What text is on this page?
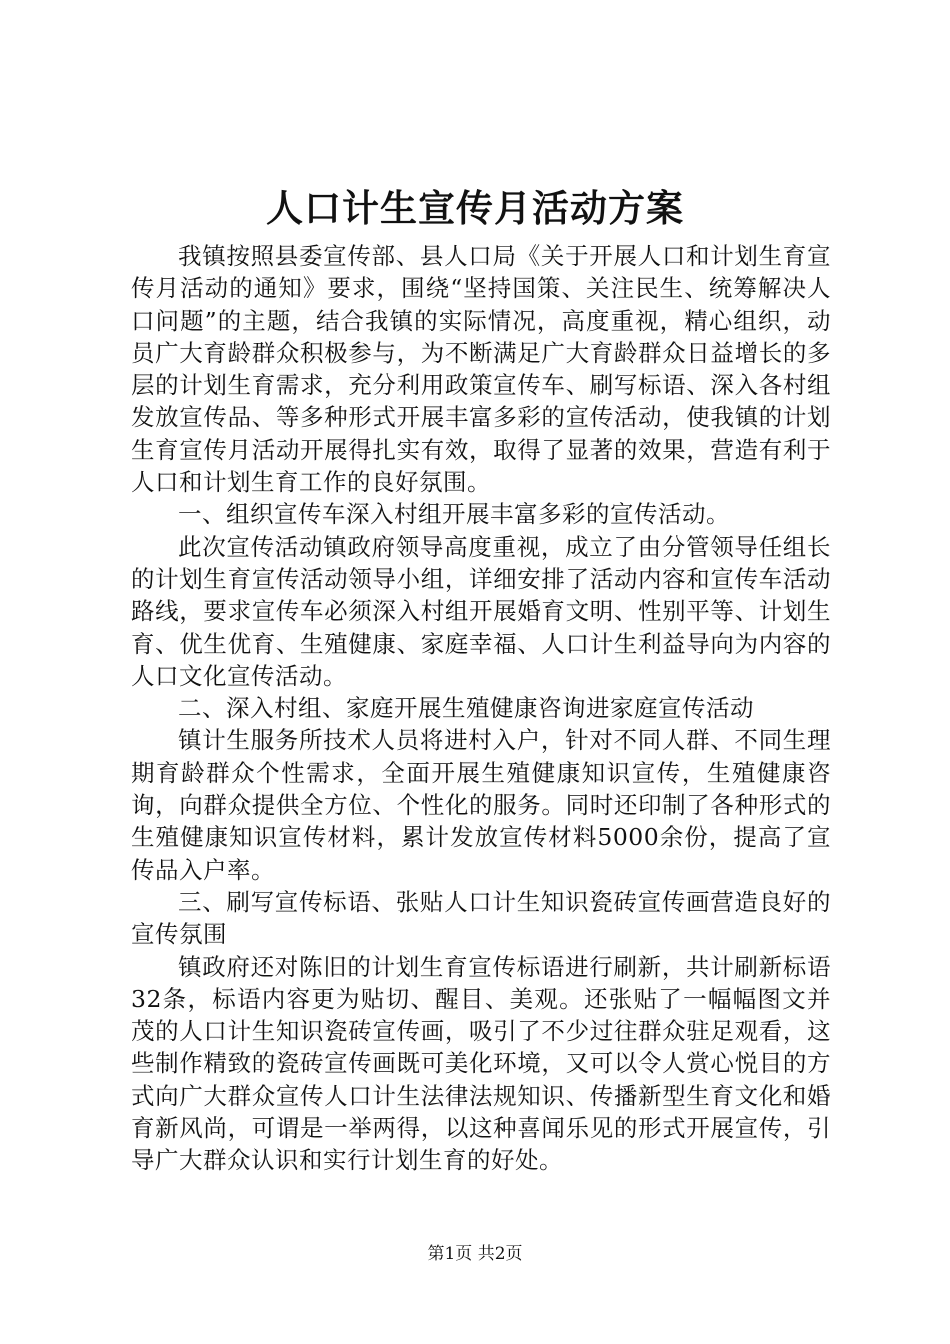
人口计生宣传月活动方案

我镇按照县委宣传部、县人口局《关于开展人口和计划生育宣传月活动的通知》要求，围绕“坚持国策、关注民生、统筹解决人口问题”的主题，结合我镇的实际情况，高度重视，精心组织，动员广大育龄群众积极参与，为不断满足广大育龄群众日益增长的多层的计划生育需求，充分利用政策宣传车、刷写标语、深入各村组发放宣传品、等多种形式开展丰富多彩的宣传活动，使我镇的计划生育宣传月活动开展得扎实有效，取得了显著的效果，营造有利于人口和计划生育工作的良好氛围。

一、组织宣传车深入村组开展丰富多彩的宣传活动。

此次宣传活动镇政府领导高度重视，成立了由分管领导任组长的计划生育宣传活动领导小组，详细安排了活动内容和宣传车活动路线，要求宣传车必须深入村组开展婚育文明、性别平等、计划生育、优生优育、生殖健康、家庭幸福、人口计生利益导向为内容的人口文化宣传活动。

二、深入村组、家庭开展生殖健康咨询进家庭宣传活动

镇计生服务所技术人员将进村入户，针对不同人群、不同生理期育龄群众个性需求，全面开展生殖健康知识宣传，生殖健康咨询，向群众提供全方位、个性化的服务。同时还印制了各种形式的生殖健康知识宣传材料，累计发放宣传材料5000余份，提高了宣传品入户率。

三、刷写宣传标语、张贴人口计生知识瓷砖宣传画营造良好的宣传氛围

镇政府还对陈旧的计划生育宣传标语进行刷新，共计刷新标语32条，标语内容更为贴切、醒目、美观。还张贴了一幅幅图文并茂的人口计生知识瓷砖宣传画，吸引了不少过往群众驻足观看，这些制作精致的瓷砖宣传画既可美化环境，又可以令人赏心悦目的方式向广大群众宣传人口计生法律法规知识、传播新型生育文化和婚育新风尚，可谓是一举两得，以这种喜闻乐见的形式开展宣传，引导广大群众认识和实行计划生育的好处。

第1页 共2页
